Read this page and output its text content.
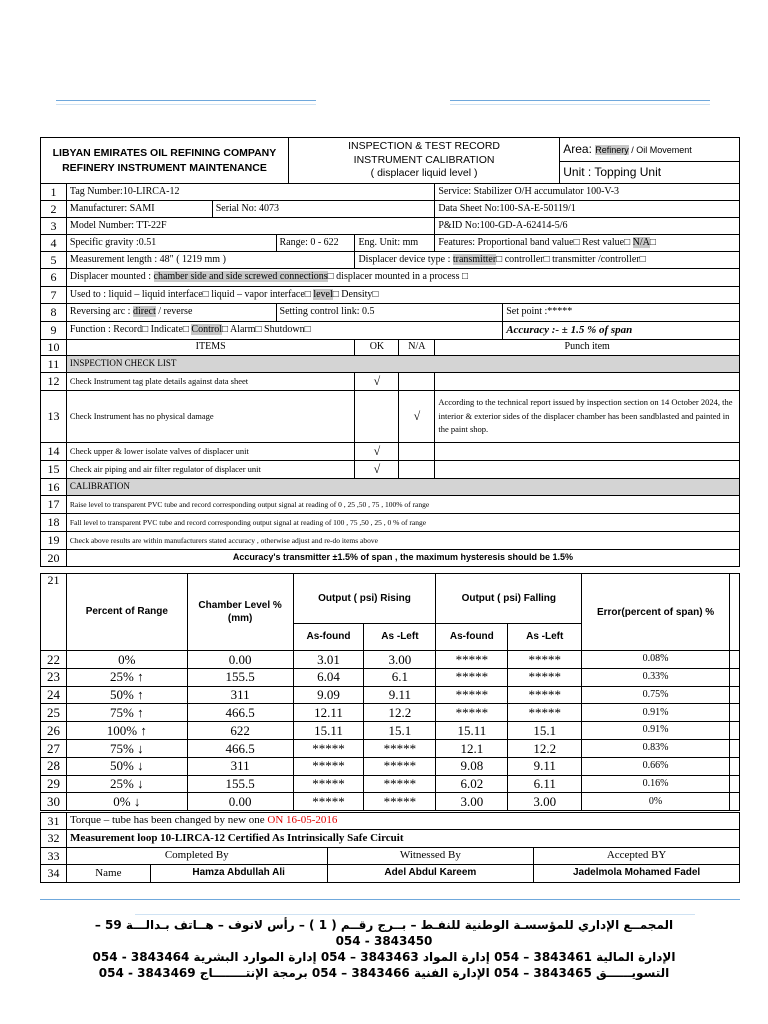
LIBYAN EMIRATES OIL REFINING COMPANY
REFINERY INSTRUMENT MAINTENANCE

INSPECTION & TEST RECORD
INSTRUMENT CALIBRATION
( displacer liquid level )
	Area: Refinery / Oil Movement
Unit : Topping Unit
1	Tag Number:10-LIRCA-12					Service: Stabilizer O/H accumulator 100-V-3	
2	Manufacturer: SAMI	Serial No: 4073				Data Sheet No:100-SA-E-50119/1	
3	Model Number: TT-22F					P&ID No:100-GD-A-62414-5/6	
4	Specific gravity :0.51		Range: 0 - 622	Eng. Unit: mm		Features: Proportional band value□ Rest value□ N/A□	
5	Measurement length : 48" ( 1219 mm )			Displacer device type : transmitter□ controller□ transmitter /controller□			
6	Displacer mounted : chamber side and side screwed connections□ displacer mounted in a process □						
7	Used to : liquid – liquid interface□ liquid – vapor interface□ level□ Density□						
8	Reversing arc : direct / reverse		Setting control link: 0.5				Set point :*****
9	Function : Record□ Indicate□ Control□ Alarm□ Shutdown□						Accuracy :- ± 1.5 % of span
10	ITEMS			OK	N/A	Punch item	
11	INSPECTION CHECK LIST						
12	Check Instrument tag plate details against data sheet			√			
13	Check Instrument has no physical damage				√	According to the technical report issued by inspection section on 14 October 2024, the interior & exterior sides of the displacer chamber has been sandblasted and painted in the paint shop.	
14	Check upper & lower isolate valves of displacer unit			√			
15	Check air piping and air filter regulator of displacer unit			√			
16	CALIBRATION						
17	Raise level to transparent PVC tube and record corresponding output signal at reading of 0 , 25 ,50 , 75 , 100% of range						
18	Fall level to transparent PVC tube and record corresponding output signal at reading of 100 , 75 ,50 , 25 , 0 % of range						
19	Check above results are within manufacturers stated accuracy , otherwise adjust and re-do items above						
20	Accuracy's transmitter ±1.5% of span , the maximum hysteresis should be 1.5%						
21	Percent of Range	Chamber Level % (mm)	Output ( psi) Rising		Output ( psi) Falling		Error(percent of span) %	
			As-found	As -Left	As-found	As -Left		
22	0%	0.00	3.01	3.00	*****	*****	0.08%	
23	25% ↑	155.5	6.04	6.1	*****	*****	0.33%	
24	50% ↑	311	9.09	9.11	*****	*****	0.75%	
25	75% ↑	466.5	12.11	12.2	*****	*****	0.91%	
26	100% ↑	622	15.11	15.1	15.11	15.1	0.91%	
27	75% ↓	466.5	*****	*****	12.1	12.2	0.83%	
28	50% ↓	311	*****	*****	9.08	9.11	0.66%	
29	25% ↓	155.5	*****	*****	6.02	6.11	0.16%	
30	0% ↓	0.00	*****	*****	3.00	3.00	0%	
31	Torque – tube has been changed by new one ON 16-05-2016			
32	Measurement loop 10-LIRCA-12 Certified As Intrinsically Safe Circuit			
33	Completed By		Witnessed By	Accepted BY
34	Name	Hamza Abdullah Ali	Adel Abdul Kareem	Jadelmola Mohamed Fadel
المجمــع الإداري للمؤسسـة الوطنية للنفـط – بــرج رقــم ( 1 ) – رأس لانوف – هــاتف بـدالـــة 59 –
054 - 3843450
الإدارة المالية 3843461 – 054 إدارة المواد 3843463 – 054 إدارة الموارد البشرية 3843464 - 054
التسويــــــق 3843465 – 054 الإدارة الفنية 3843466 – 054 برمجة الإنتــــــــاج 3843469 - 054
